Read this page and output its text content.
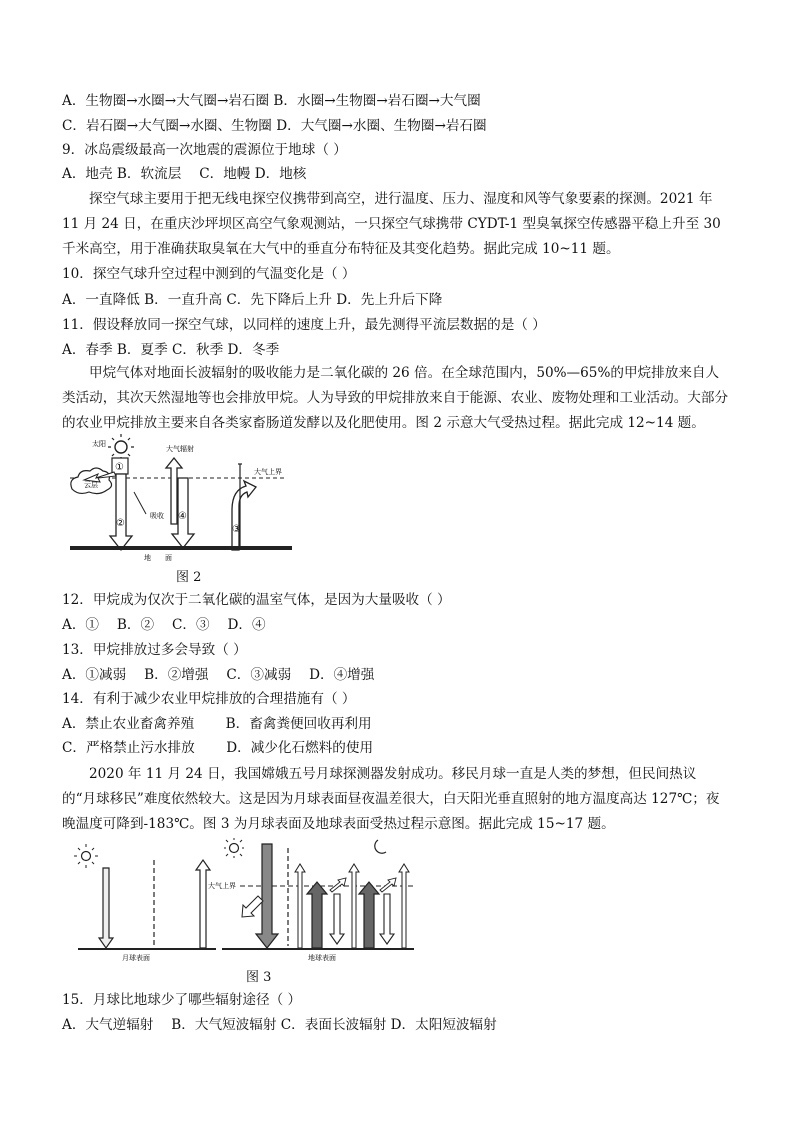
A．生物圈→水圈→大气圈→岩石圈 B．水圈→生物圈→岩石圈→大气圈
C．岩石圈→大气圈→水圈、生物圈 D．大气圈→水圈、生物圈→岩石圈
9．冰岛震级最高一次地震的震源位于地球（ ）
A．地壳 B．软流层　 C．地幔 D．地核
探空气球主要用于把无线电探空仪携带到高空，进行温度、压力、湿度和风等气象要素的探测。2021 年 11 月 24 日，在重庆沙坪坝区高空气象观测站，一只探空气球携带 CYDT-1 型臭氧探空传感器平稳上升至 30 千米高空，用于准确获取臭氧在大气中的垂直分布特征及其变化趋势。据此完成 10~11 题。
10．探空气球升空过程中测到的气温变化是（ ）
A．一直降低 B．一直升高 C．先下降后上升 D．先上升后下降
11．假设释放同一探空气球，以同样的速度上升，最先测得平流层数据的是（ ）
A．春季 B．夏季 C．秋季 D．冬季
甲烷气体对地面长波辐射的吸收能力是二氧化碳的 26 倍。在全球范围内，50%—65%的甲烷排放来自人类活动，其次天然湿地等也会排放甲烷。人为导致的甲烷排放来自于能源、农业、废物处理和工业活动。大部分的农业甲烷排放主要来自各类家畜肠道发酵以及化肥使用。图 2 示意大气受热过程。据此完成 12~14 题。
太阳
大气上界
云层
①
②
吸收
大气辐射
④
③
地　　面
图 2
12．甲烷成为仅次于二氧化碳的温室气体，是因为大量吸收（ ）
A．①　 B．②　 C．③　 D．④
13．甲烷排放过多会导致（ ）
A．①减弱　 B．②增强　 C．③减弱　 D．④增强
14．有利于减少农业甲烷排放的合理措施有（ ）
A．禁止农业畜禽养殖　　 B．畜禽粪便回收再利用
C．严格禁止污水排放　　 D．减少化石燃料的使用
2020 年 11 月 24 日，我国嫦娥五号月球探测器发射成功。移民月球一直是人类的梦想，但民间热议的“月球移民”难度依然较大。这是因为月球表面昼夜温差很大，白天阳光垂直照射的地方温度高达 127℃；夜晚温度可降到-183℃。图 3 为月球表面及地球表面受热过程示意图。据此完成 15~17 题。
月球表面
大气上界
地球表面
图 3
15．月球比地球少了哪些辐射途径（ ）
A．大气逆辐射　 B．大气短波辐射 C．表面长波辐射 D．太阳短波辐射
